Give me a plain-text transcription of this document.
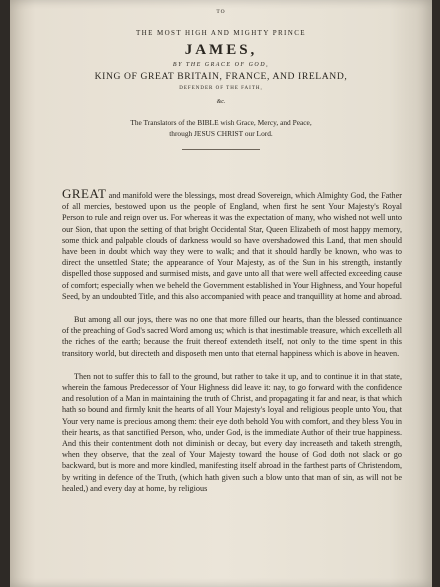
TO
THE MOST HIGH AND MIGHTY PRINCE
JAMES,
BY THE GRACE OF GOD,
KING OF GREAT BRITAIN, FRANCE, AND IRELAND,
DEFENDER OF THE FAITH,
&c.
The Translators of the BIBLE wish Grace, Mercy, and Peace,
through JESUS CHRIST our Lord.

GREAT and manifold were the blessings, most dread Sovereign, which Almighty God, the Father of all mercies, bestowed upon us the people of England, when first he sent Your Majesty's Royal Person to rule and reign over us. For whereas it was the expectation of many, who wished not well unto our Sion, that upon the setting of that bright Occidental Star, Queen Elizabeth of most happy memory, some thick and palpable clouds of darkness would so have overshadowed this Land, that men should have been in doubt which way they were to walk; and that it should hardly be known, who was to direct the unsettled State; the appearance of Your Majesty, as of the Sun in his strength, instantly dispelled those supposed and surmised mists, and gave unto all that were well affected exceeding cause of comfort; especially when we beheld the Government established in Your Highness, and Your hopeful Seed, by an undoubted Title, and this also accompanied with peace and tranquillity at home and abroad.

But among all our joys, there was no one that more filled our hearts, than the blessed continuance of the preaching of God's sacred Word among us; which is that inestimable treasure, which excelleth all the riches of the earth; because the fruit thereof extendeth itself, not only to the time spent in this transitory world, but directeth and disposeth men unto that eternal happiness which is above in heaven.

Then not to suffer this to fall to the ground, but rather to take it up, and to continue it in that state, wherein the famous Predecessor of Your Highness did leave it: nay, to go forward with the confidence and resolution of a Man in maintaining the truth of Christ, and propagating it far and near, is that which hath so bound and firmly knit the hearts of all Your Majesty's loyal and religious people unto You, that Your very name is precious among them: their eye doth behold You with comfort, and they bless You in their hearts, as that sanctified Person, who, under God, is the immediate Author of their true happiness. And this their contentment doth not diminish or decay, but every day increaseth and taketh strength, when they observe, that the zeal of Your Majesty toward the house of God doth not slack or go backward, but is more and more kindled, manifesting itself abroad in the farthest parts of Christendom, by writing in defence of the Truth, (which hath given such a blow unto that man of sin, as will not be healed,) and every day at home, by religious
